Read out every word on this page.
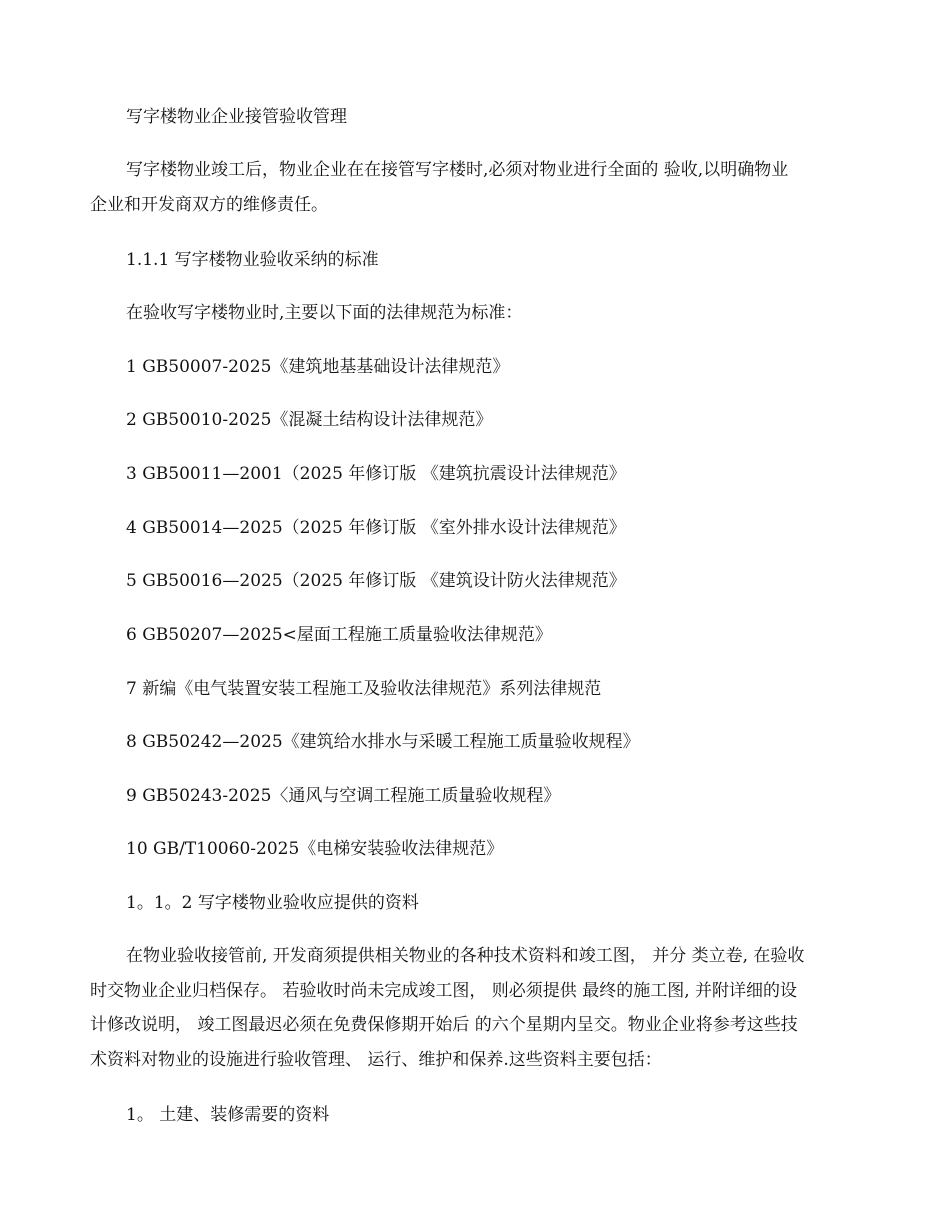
写字楼物业企业接管验收管理
写字楼物业竣工后，物业企业在在接管写字楼时,必须对物业进行全面的 验收,以明确物业
企业和开发商双方的维修责任。
1.1.1 写字楼物业验收采纳的标准
在验收写字楼物业时,主要以下面的法律规范为标准：
1 GB50007-2025《建筑地基基础设计法律规范》
2 GB50010-2025《混凝土结构设计法律规范》
3 GB50011—2001（2025 年修订版 《建筑抗震设计法律规范》
4 GB50014—2025（2025 年修订版 《室外排水设计法律规范》
5 GB50016—2025（2025 年修订版 《建筑设计防火法律规范》
6 GB50207—2025<屋面工程施工质量验收法律规范》
7 新编《电气装置安装工程施工及验收法律规范》系列法律规范
8 GB50242—2025《建筑给水排水与采暖工程施工质量验收规程》
9 GB50243-2025〈通风与空调工程施工质量验收规程》
10 GB/T10060-2025《电梯安装验收法律规范》
1。1。2 写字楼物业验收应提供的资料
在物业验收接管前, 开发商须提供相关物业的各种技术资料和竣工图， 并分 类立卷, 在验收
时交物业企业归档保存。 若验收时尚未完成竣工图， 则必须提供 最终的施工图, 并附详细的设
计修改说明， 竣工图最迟必须在免费保修期开始后 的六个星期内呈交。物业企业将参考这些技
术资料对物业的设施进行验收管理、 运行、维护和保养.这些资料主要包括：
1。 土建、装修需要的资料
